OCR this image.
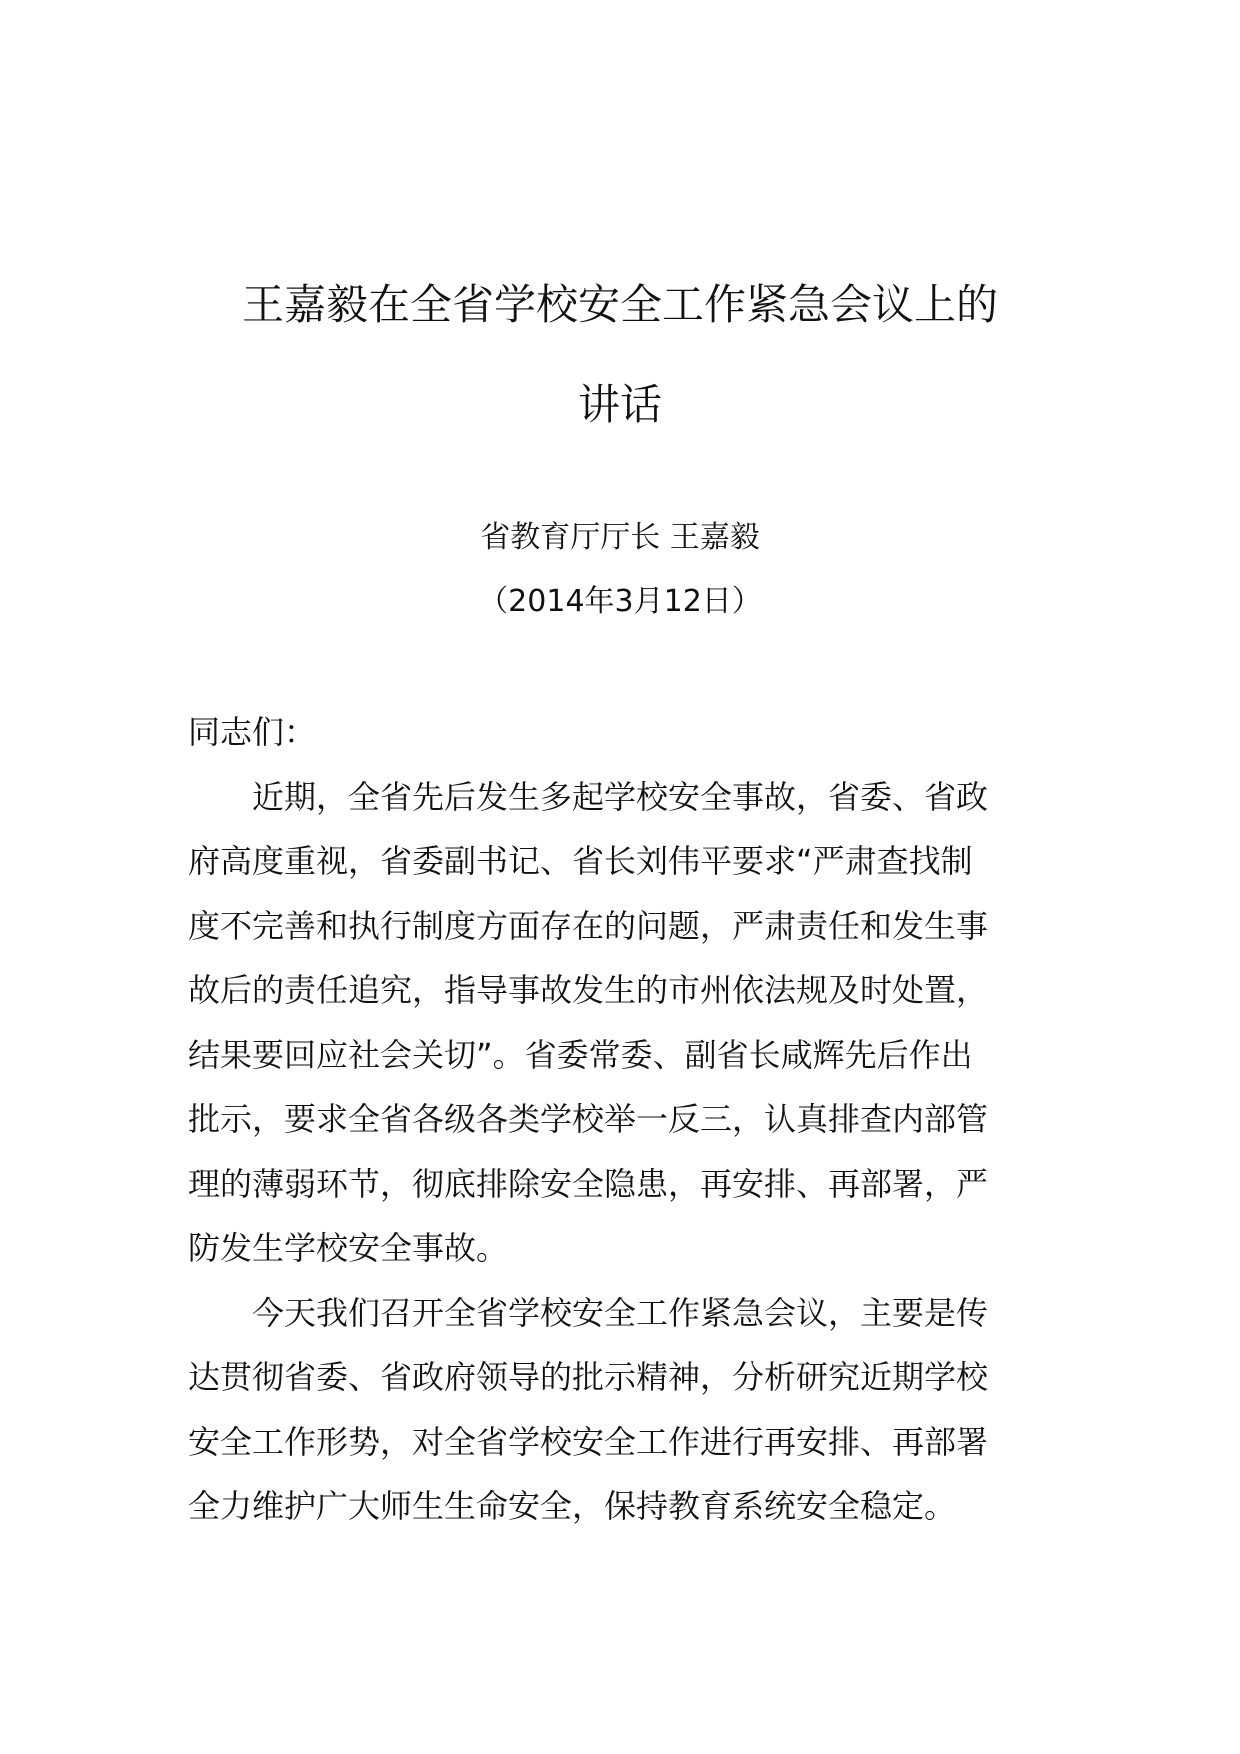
王嘉毅在全省学校安全工作紧急会议上的
讲话
省教育厅厅长 王嘉毅
（2014年3月12日）

同志们：

近期，全省先后发生多起学校安全事故，省委、省政
府高度重视，省委副书记、省长刘伟平要求“严肃查找制
度不完善和执行制度方面存在的问题，严肃责任和发生事
故后的责任追究，指导事故发生的市州依法规及时处置，
结果要回应社会关切”。省委常委、副省长咸辉先后作出
批示，要求全省各级各类学校举一反三，认真排查内部管
理的薄弱环节，彻底排除安全隐患，再安排、再部署，严
防发生学校安全事故。

今天我们召开全省学校安全工作紧急会议，主要是传
达贯彻省委、省政府领导的批示精神，分析研究近期学校
安全工作形势，对全省学校安全工作进行再安排、再部署
全力维护广大师生生命安全，保持教育系统安全稳定。
